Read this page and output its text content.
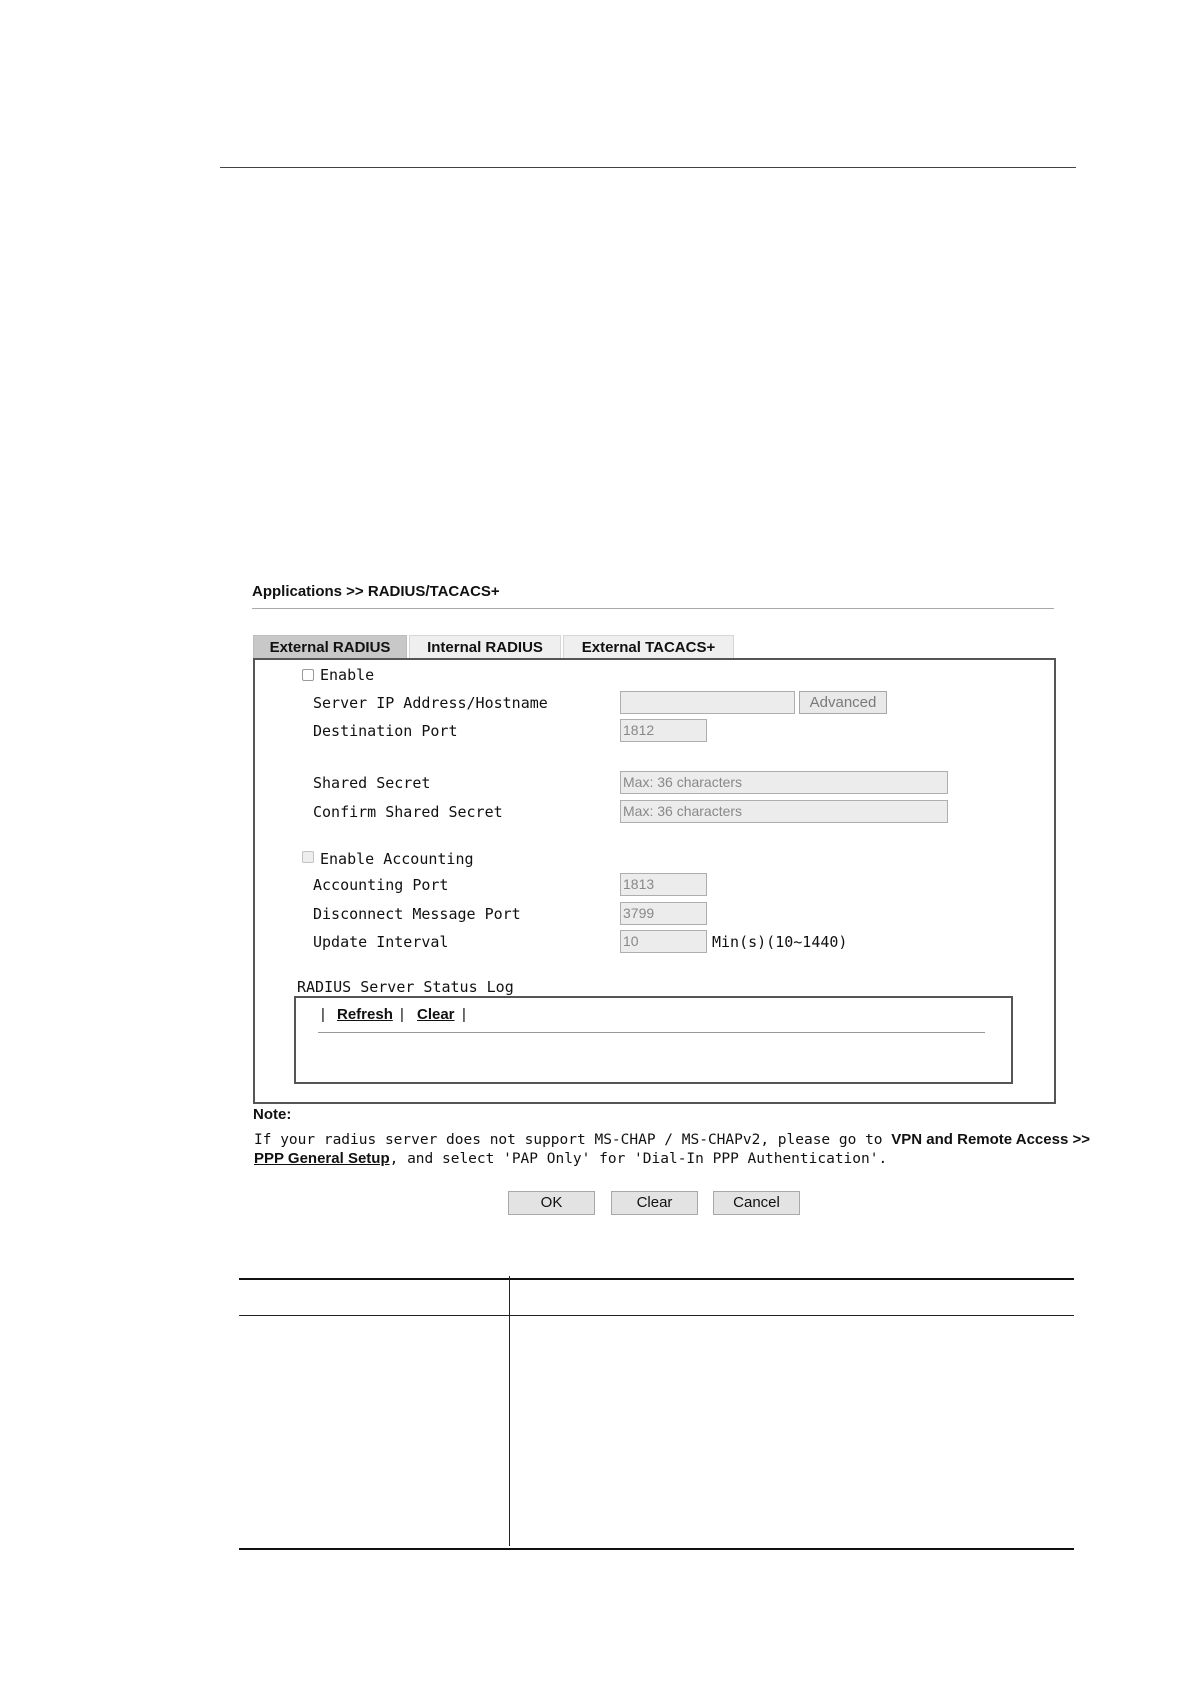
Applications >> RADIUS/TACACS+
External RADIUS	Internal RADIUS	External TACACS+
Enable
Server IP Address/Hostname	Advanced
Destination Port	1812
Shared Secret	Max: 36 characters
Confirm Shared Secret	Max: 36 characters
Enable Accounting
Accounting Port	1813
Disconnect Message Port	3799
Update Interval	10	Min(s)(10~1440)
RADIUS Server Status Log
| Refresh | Clear |
Note:
If your radius server does not support MS-CHAP / MS-CHAPv2, please go to VPN and Remote Access >>
PPP General Setup, and select 'PAP Only' for 'Dial-In PPP Authentication'.
OK	Clear	Cancel
